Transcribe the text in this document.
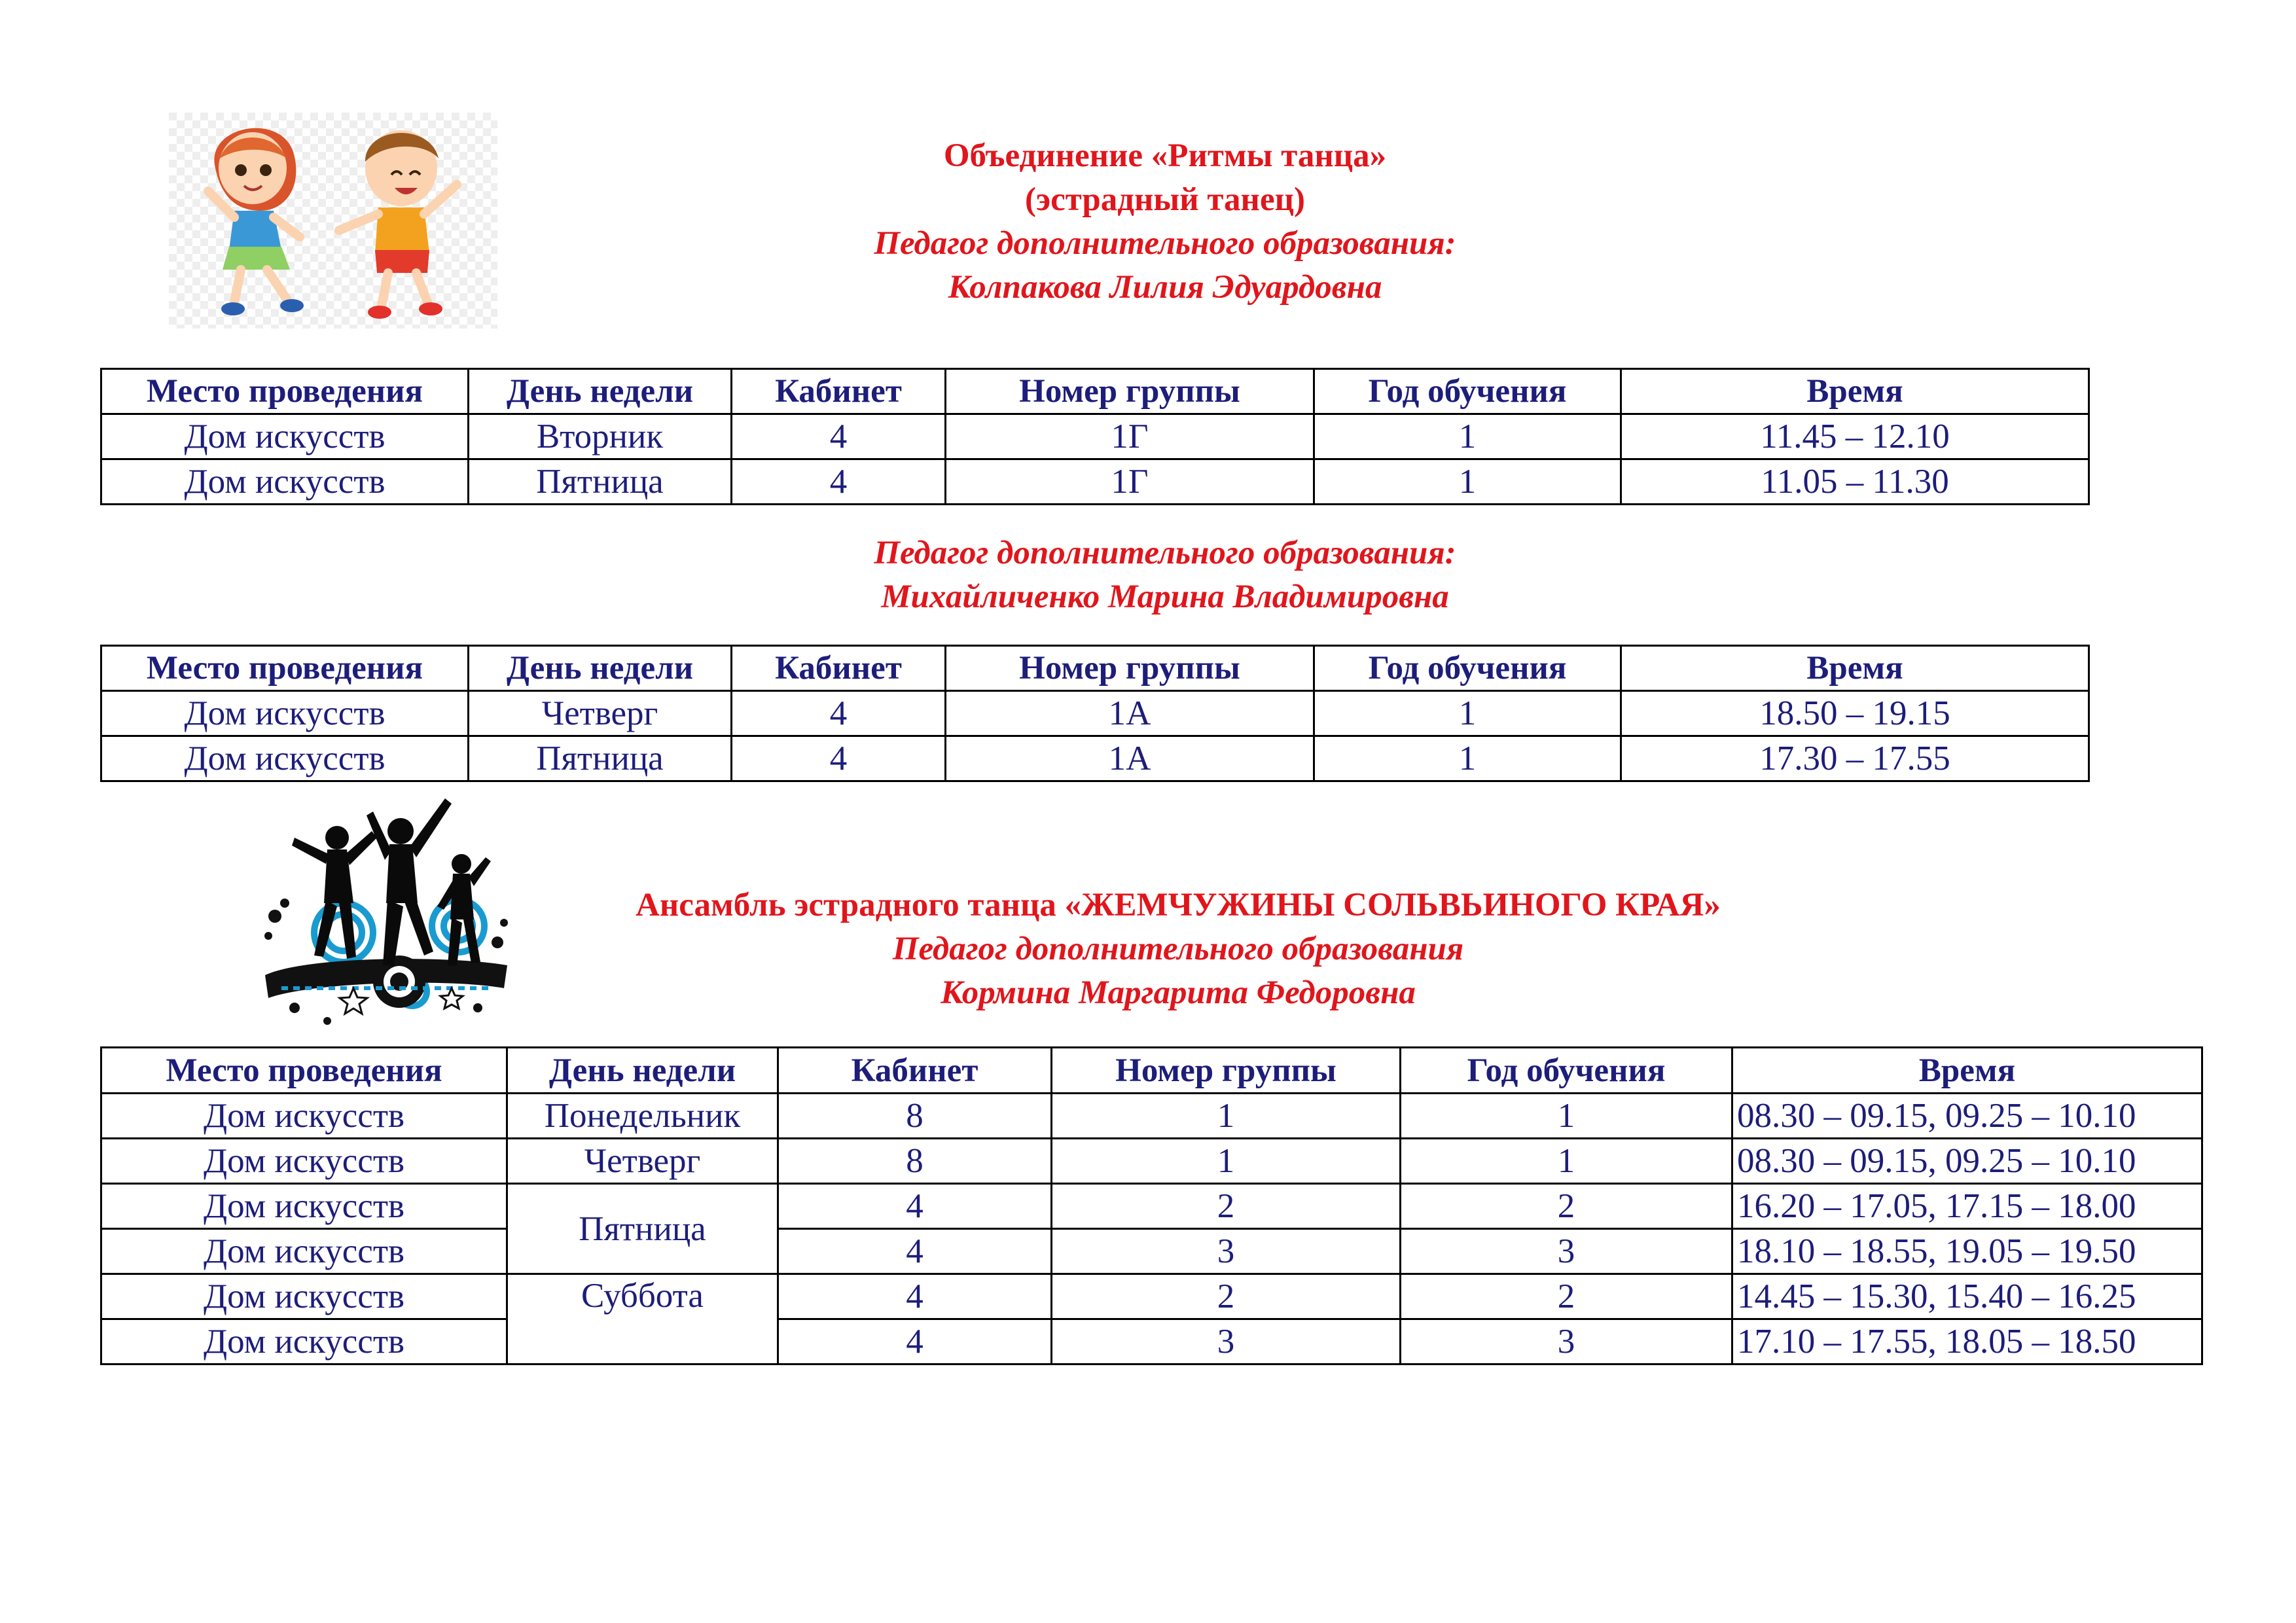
Объединение «Ритмы танца»
(эстрадный танец)
Педагог дополнительного образования:
Колпакова Лилия Эдуардовна
Место проведения	День недели	Кабинет	Номер группы	Год обучения	Время
Дом искусств	Вторник	4	1Г	1	11.45 – 12.10
Дом искусств	Пятница	4	1Г	1	11.05 – 11.30
Педагог дополнительного образования:
Михайличенко Марина Владимировна
Место проведения	День недели	Кабинет	Номер группы	Год обучения	Время
Дом искусств	Четверг	4	1А	1	18.50 – 19.15
Дом искусств	Пятница	4	1А	1	17.30 – 17.55
Ансамбль эстрадного танца «ЖЕМЧУЖИНЫ СОЛЬВЬИНОГО КРАЯ»
Педагог дополнительного образования
Кормина Маргарита Федоровна
Место проведения	День недели	Кабинет	Номер группы	Год обучения	Время
Дом искусств	Понедельник	8	1	1	08.30 – 09.15, 09.25 – 10.10
Дом искусств	Четверг	8	1	1	08.30 – 09.15, 09.25 – 10.10
Дом искусств	Пятница	4	2	2	16.20 – 17.05, 17.15 – 18.00
Дом искусств		4	3	3	18.10 – 18.55, 19.05 – 19.50
Дом искусств	Суббота	4	2	2	14.45 – 15.30, 15.40 – 16.25
Дом искусств		4	3	3	17.10 – 17.55, 18.05 – 18.50
